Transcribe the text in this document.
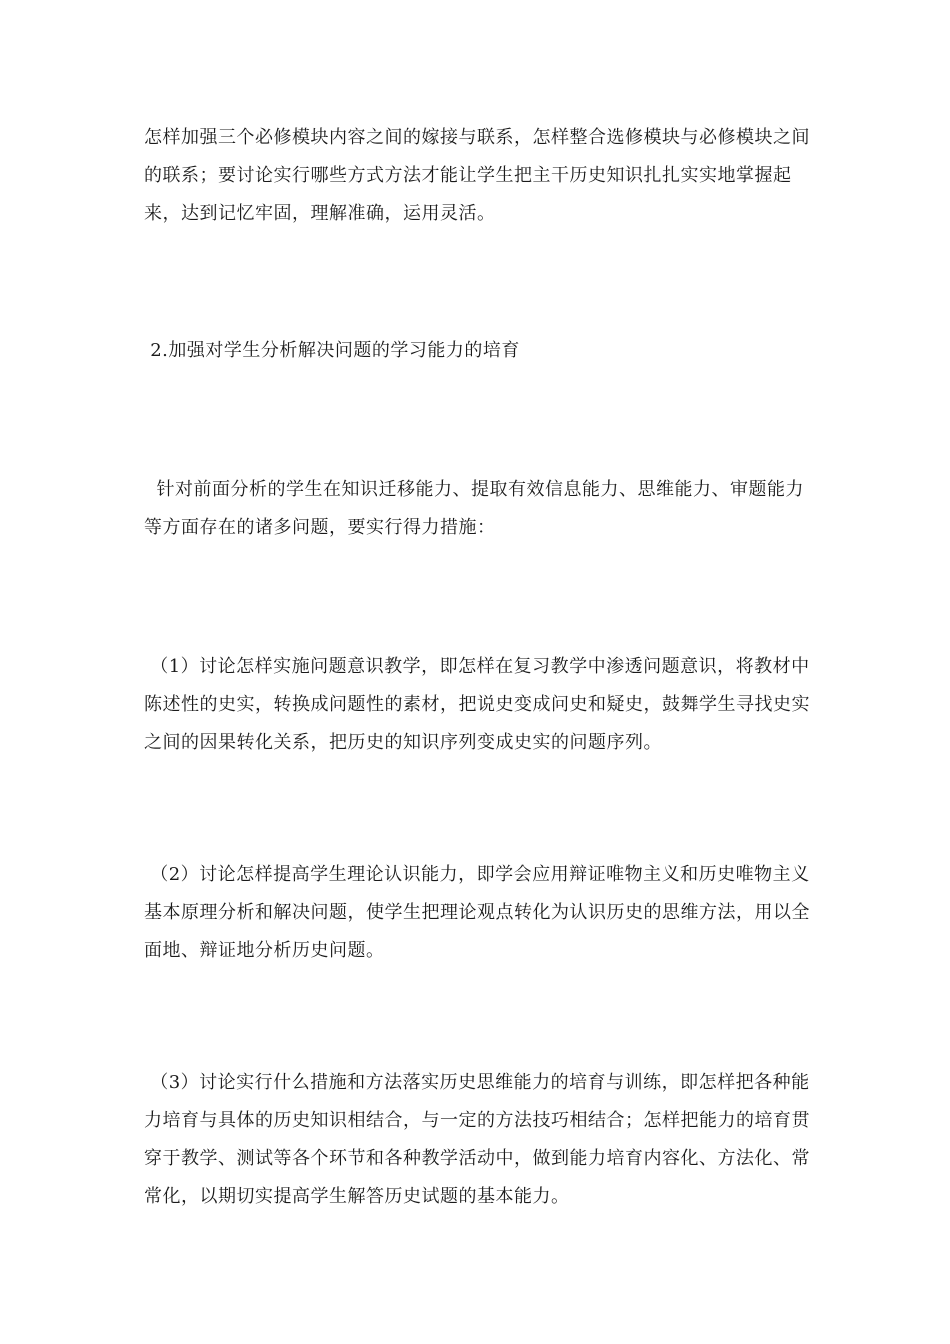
怎样加强三个必修模块内容之间的嫁接与联系，怎样整合选修模块与必修模块之间的联系；要讨论实行哪些方式方法才能让学生把主干历史知识扎扎实实地掌握起来，达到记忆牢固，理解准确，运用灵活。

2.加强对学生分析解决问题的学习能力的培育

针对前面分析的学生在知识迁移能力、提取有效信息能力、思维能力、审题能力等方面存在的诸多问题，要实行得力措施：

（1）讨论怎样实施问题意识教学，即怎样在复习教学中渗透问题意识，将教材中陈述性的史实，转换成问题性的素材，把说史变成问史和疑史，鼓舞学生寻找史实之间的因果转化关系，把历史的知识序列变成史实的问题序列。

（2）讨论怎样提高学生理论认识能力，即学会应用辩证唯物主义和历史唯物主义基本原理分析和解决问题，使学生把理论观点转化为认识历史的思维方法，用以全面地、辩证地分析历史问题。

（3）讨论实行什么措施和方法落实历史思维能力的培育与训练，即怎样把各种能力培育与具体的历史知识相结合，与一定的方法技巧相结合；怎样把能力的培育贯穿于教学、测试等各个环节和各种教学活动中，做到能力培育内容化、方法化、常常化，以期切实提高学生解答历史试题的基本能力。
